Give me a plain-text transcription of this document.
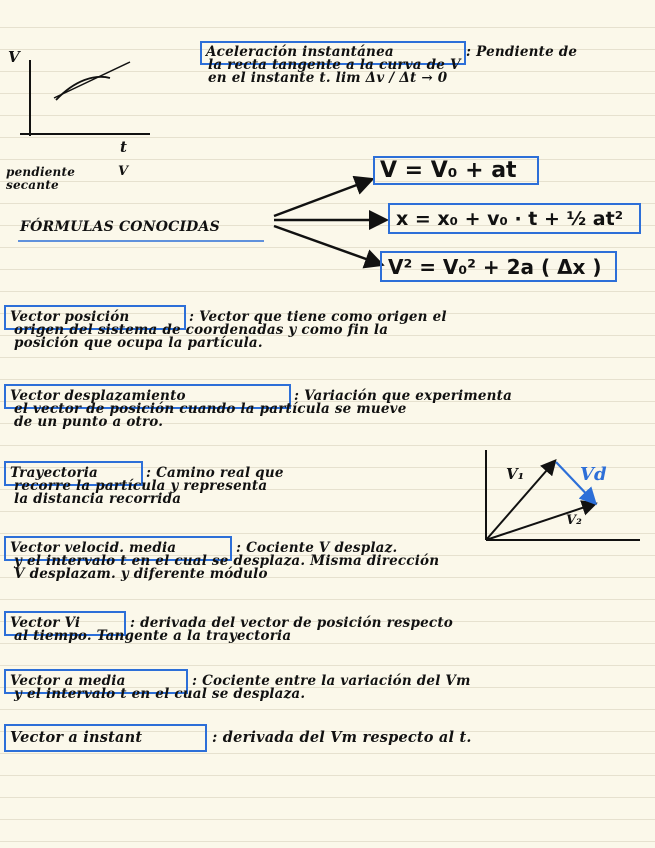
V
t

pendiente
secante

V

Aceleración instantánea	: Pendiente de
la recta tangente a la curva de V
en el instante t. lim Δv / Δt → 0

FÓRMULAS CONOCIDAS

V = V₀ + at
x = x₀ + v₀ · t + ½ at²
V² = V₀² + 2a ( Δx )

Vector posición	: Vector que tiene como origen el
origen del sistema de coordenadas y como fin la
posición que ocupa la partícula.

Vector desplazamiento	: Variación que experimenta
el vector de posición cuando la partícula se mueve
de un punto a otro.

Trayectoria	: Camino real que
recorre la partícula y representa
la distancia recorrida

V₁	Vd
V₂

Vector velocid. media	: Cociente V desplaz.
y el intervalo t en el cual se desplaza. Misma dirección
V desplazam. y diferente módulo

Vector Vi	: derivada del vector de posición respecto
al tiempo. Tangente a la trayectoria

Vector a media	: Cociente entre la variación del Vm
y el intervalo t en el cual se desplaza.

Vector a instant	: derivada del Vm respecto al t.
